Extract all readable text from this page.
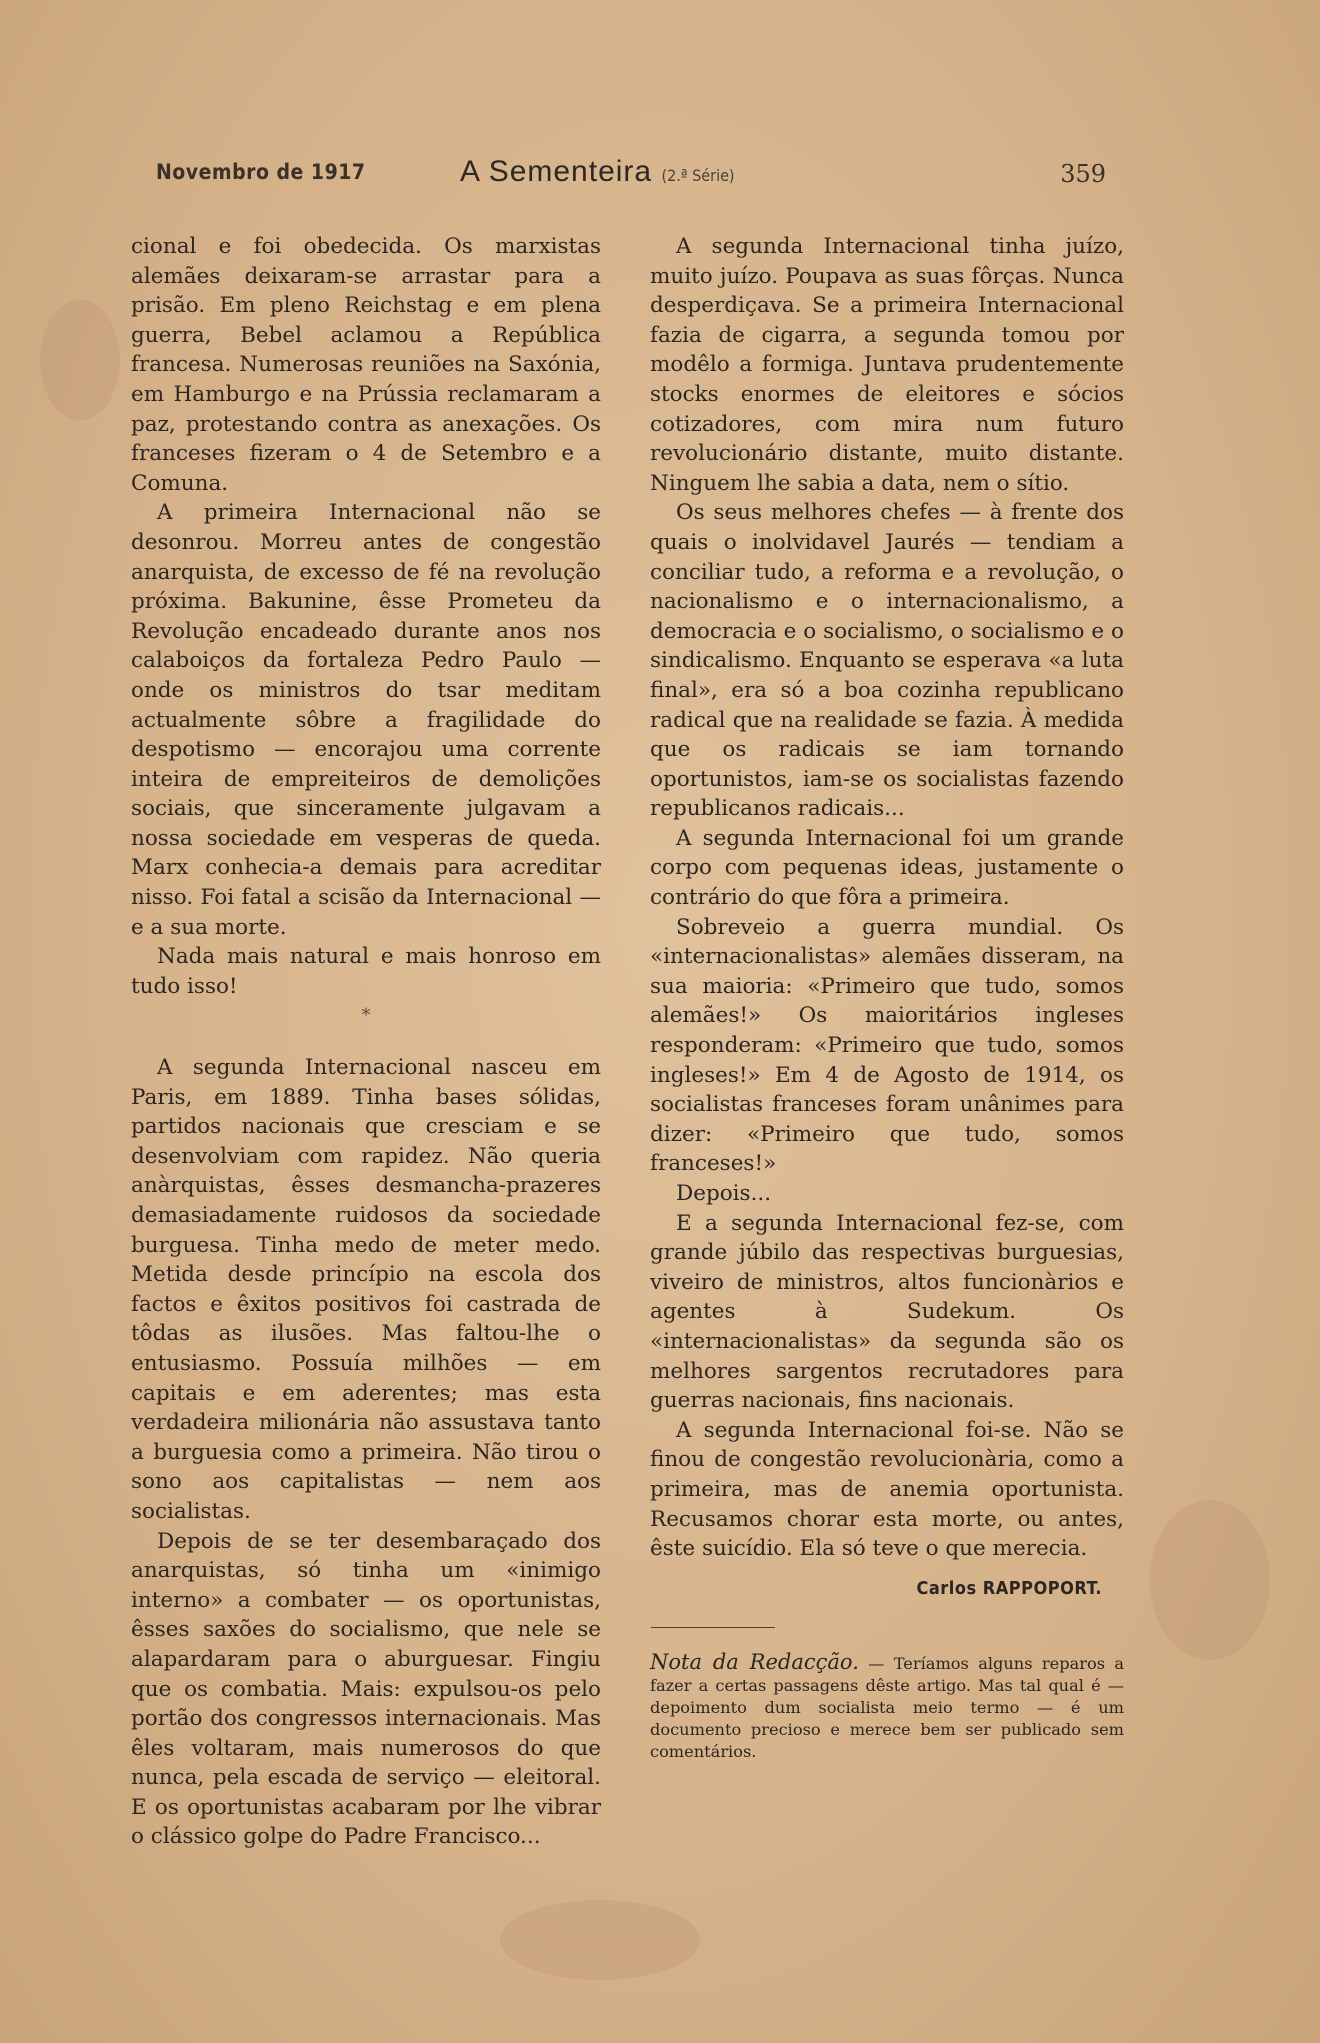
Novembro de 1917	A Sementeira (2.ª Série)	359

cional e foi obedecida. Os marxistas alemães deixaram-se arrastar para a prisão. Em pleno Reichstag e em plena guerra, Bebel aclamou a República francesa. Numerosas reuniões na Saxónia, em Hamburgo e na Prússia reclamaram a paz, protestando contra as anexações. Os franceses fizeram o 4 de Setembro e a Comuna.

A primeira Internacional não se desonrou. Morreu antes de congestão anarquista, de excesso de fé na revolução próxima. Bakunine, êsse Prometeu da Revolução encadeado durante anos nos calaboiços da fortaleza Pedro Paulo — onde os ministros do tsar meditam actualmente sôbre a fragilidade do despotismo — encorajou uma corrente inteira de empreiteiros de demolições sociais, que sinceramente julgavam a nossa sociedade em vesperas de queda. Marx conhecia-a demais para acreditar nisso. Foi fatal a scisão da Internacional — e a sua morte.

Nada mais natural e mais honroso em tudo isso!

*

A segunda Internacional nasceu em Paris, em 1889. Tinha bases sólidas, partidos nacionais que cresciam e se desenvolviam com rapidez. Não queria anàrquistas, êsses desmancha-prazeres demasiadamente ruidosos da sociedade burguesa. Tinha medo de meter medo. Metida desde princípio na escola dos factos e êxitos positivos foi castrada de tôdas as ilusões. Mas faltou-lhe o entusiasmo. Possuía milhões — em capitais e em aderentes; mas esta verdadeira milionária não assustava tanto a burguesia como a primeira. Não tirou o sono aos capitalistas — nem aos socialistas.

Depois de se ter desembaraçado dos anarquistas, só tinha um «inimigo interno» a combater — os oportunistas, êsses saxões do socialismo, que nele se alapardaram para o aburguesar. Fingiu que os combatia. Mais: expulsou-os pelo portão dos congressos internacionais. Mas êles voltaram, mais numerosos do que nunca, pela escada de serviço — eleitoral. E os oportunistas acabaram por lhe vibrar o clássico golpe do Padre Francisco...

A segunda Internacional tinha juízo, muito juízo. Poupava as suas fôrças. Nunca desperdiçava. Se a primeira Internacional fazia de cigarra, a segunda tomou por modêlo a formiga. Juntava prudentemente stocks enormes de eleitores e sócios cotizadores, com mira num futuro revolucionário distante, muito distante. Ninguem lhe sabia a data, nem o sítio.

Os seus melhores chefes — à frente dos quais o inolvidavel Jaurés — tendiam a conciliar tudo, a reforma e a revolução, o nacionalismo e o internacionalismo, a democracia e o socialismo, o socialismo e o sindicalismo. Enquanto se esperava «a luta final», era só a boa cozinha republicano radical que na realidade se fazia. À medida que os radicais se iam tornando oportunistos, iam-se os socialistas fazendo republicanos radicais...

A segunda Internacional foi um grande corpo com pequenas ideas, justamente o contrário do que fôra a primeira.

Sobreveio a guerra mundial. Os «internacionalistas» alemães disseram, na sua maioria: «Primeiro que tudo, somos alemães!» Os maioritários ingleses responderam: «Primeiro que tudo, somos ingleses!» Em 4 de Agosto de 1914, os socialistas franceses foram unânimes para dizer: «Primeiro que tudo, somos franceses!»

Depois...

E a segunda Internacional fez-se, com grande júbilo das respectivas burguesias, viveiro de ministros, altos funcionàrios e agentes à Sudekum. Os «internacionalistas» da segunda são os melhores sargentos recrutadores para guerras nacionais, fins nacionais.

A segunda Internacional foi-se. Não se finou de congestão revolucionària, como a primeira, mas de anemia oportunista. Recusamos chorar esta morte, ou antes, êste suicídio. Ela só teve o que merecia.

Carlos RAPPOPORT.
Nota da Redacção. — Teríamos alguns reparos a fazer a certas passagens dêste artigo. Mas tal qual é — depoimento dum socialista meio termo — é um documento precioso e merece bem ser publicado sem comentários.
